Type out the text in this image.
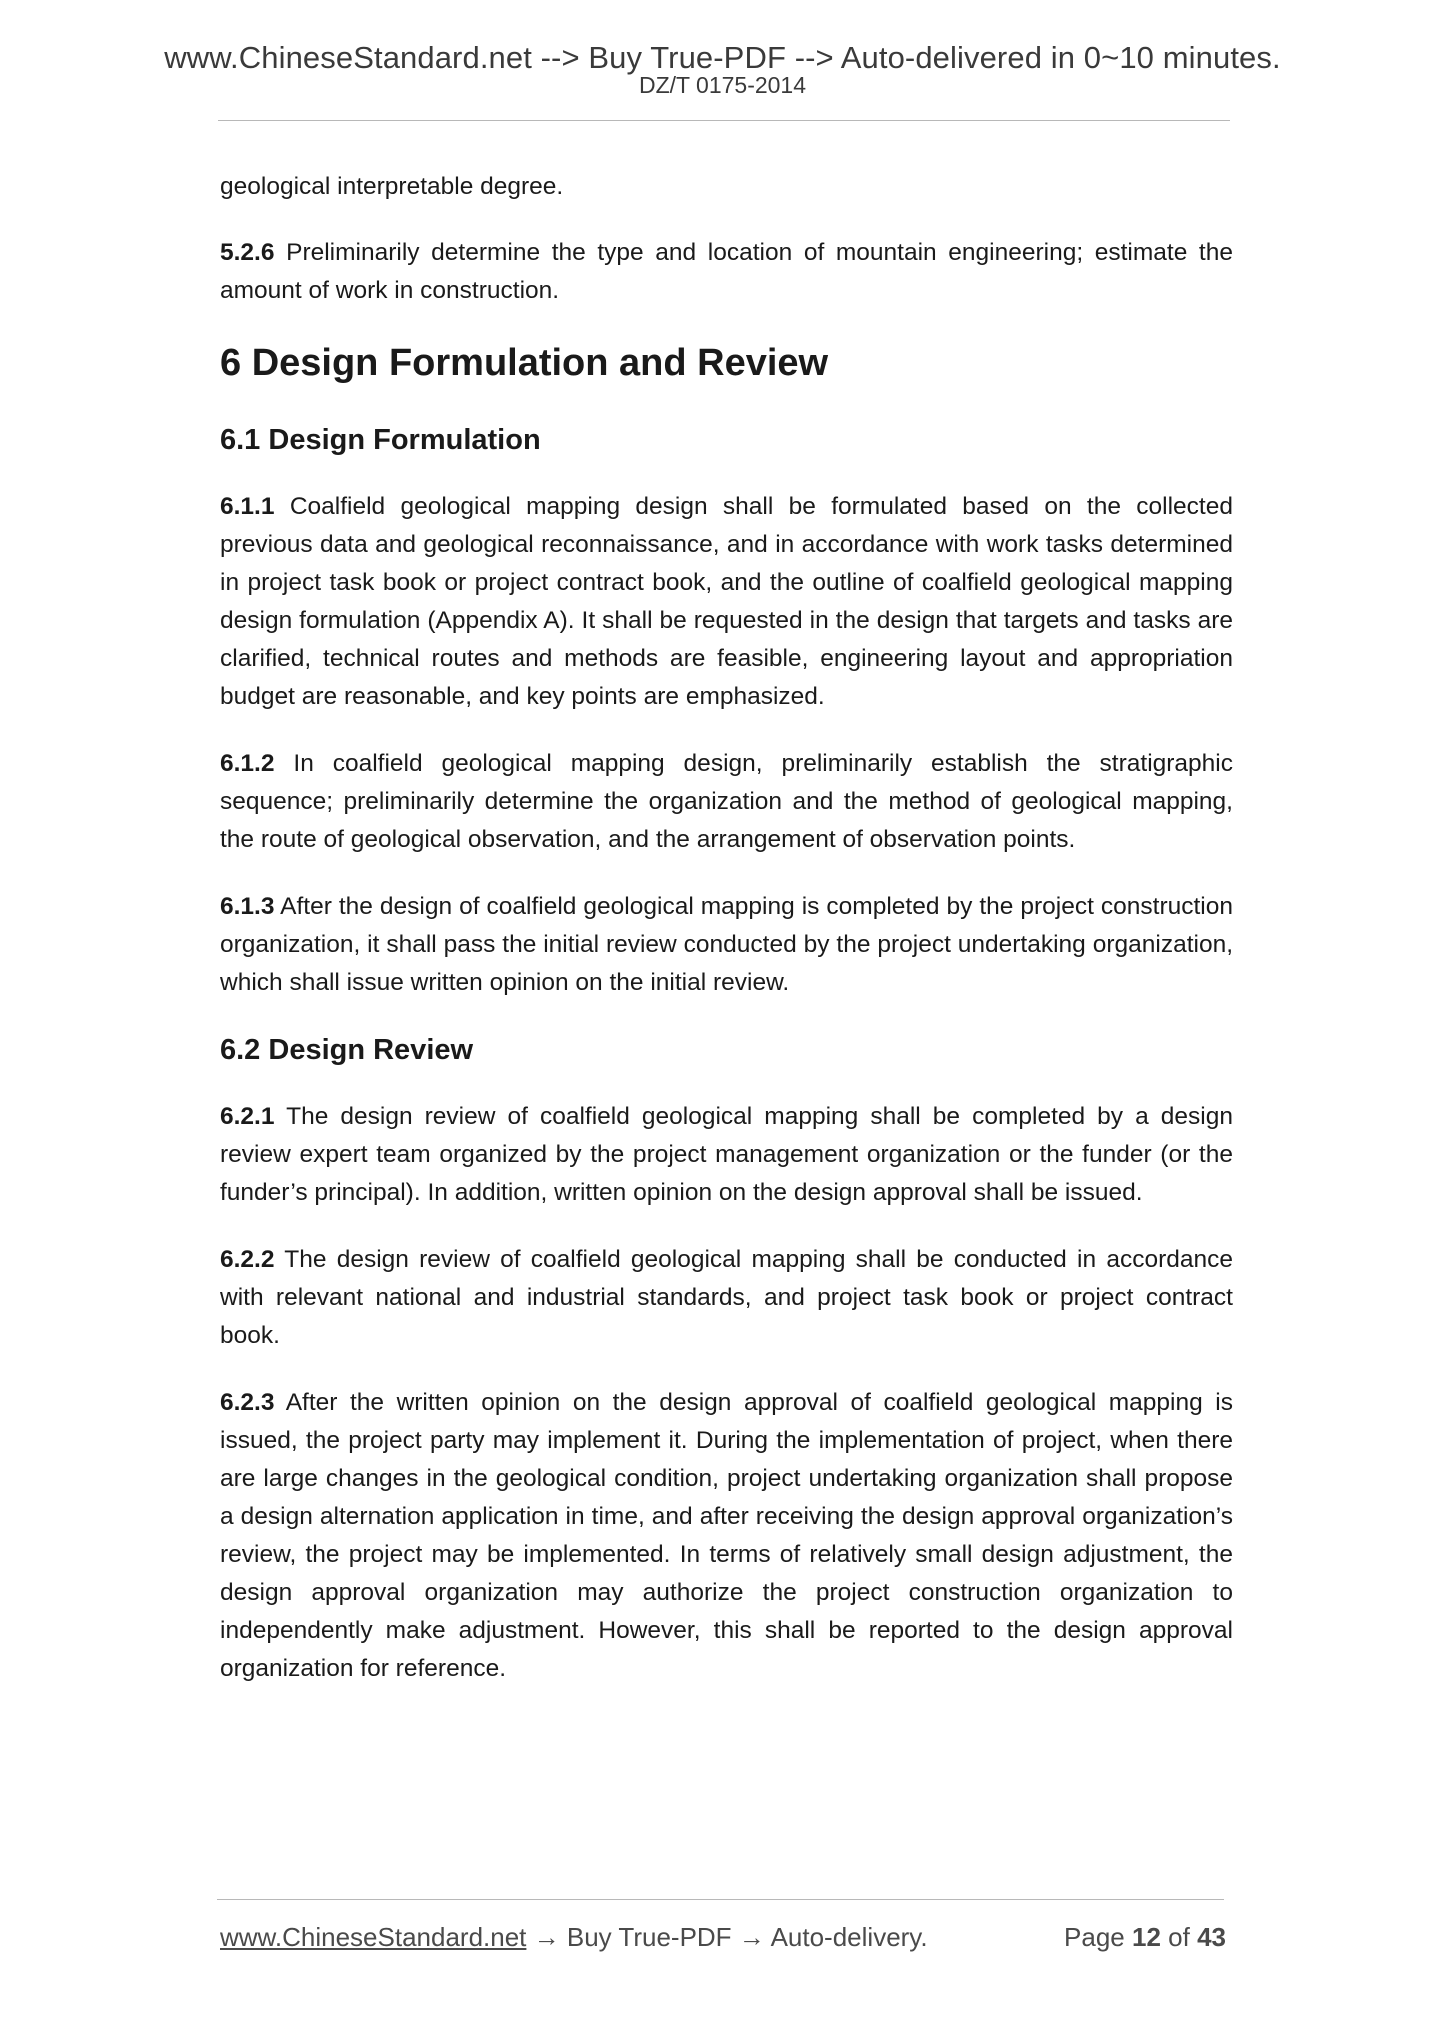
www.ChineseStandard.net --> Buy True-PDF --> Auto-delivered in 0~10 minutes.
DZ/T 0175-2014

geological interpretable degree.

5.2.6 Preliminarily determine the type and location of mountain engineering; estimate the amount of work in construction.

6 Design Formulation and Review
6.1 Design Formulation

6.1.1 Coalfield geological mapping design shall be formulated based on the collected previous data and geological reconnaissance, and in accordance with work tasks determined in project task book or project contract book, and the outline of coalfield geological mapping design formulation (Appendix A). It shall be requested in the design that targets and tasks are clarified, technical routes and methods are feasible, engineering layout and appropriation budget are reasonable, and key points are emphasized.

6.1.2 In coalfield geological mapping design, preliminarily establish the stratigraphic sequence; preliminarily determine the organization and the method of geological mapping, the route of geological observation, and the arrangement of observation points.

6.1.3 After the design of coalfield geological mapping is completed by the project construction organization, it shall pass the initial review conducted by the project undertaking organization, which shall issue written opinion on the initial review.

6.2 Design Review

6.2.1 The design review of coalfield geological mapping shall be completed by a design review expert team organized by the project management organization or the funder (or the funder’s principal). In addition, written opinion on the design approval shall be issued.

6.2.2 The design review of coalfield geological mapping shall be conducted in accordance with relevant national and industrial standards, and project task book or project contract book.

6.2.3 After the written opinion on the design approval of coalfield geological mapping is issued, the project party may implement it. During the implementation of project, when there are large changes in the geological condition, project undertaking organization shall propose a design alternation application in time, and after receiving the design approval organization’s review, the project may be implemented. In terms of relatively small design adjustment, the design approval organization may authorize the project construction organization to independently make adjustment. However, this shall be reported to the design approval organization for reference.

www.ChineseStandard.net → Buy True-PDF → Auto-delivery.	Page 12 of 43
